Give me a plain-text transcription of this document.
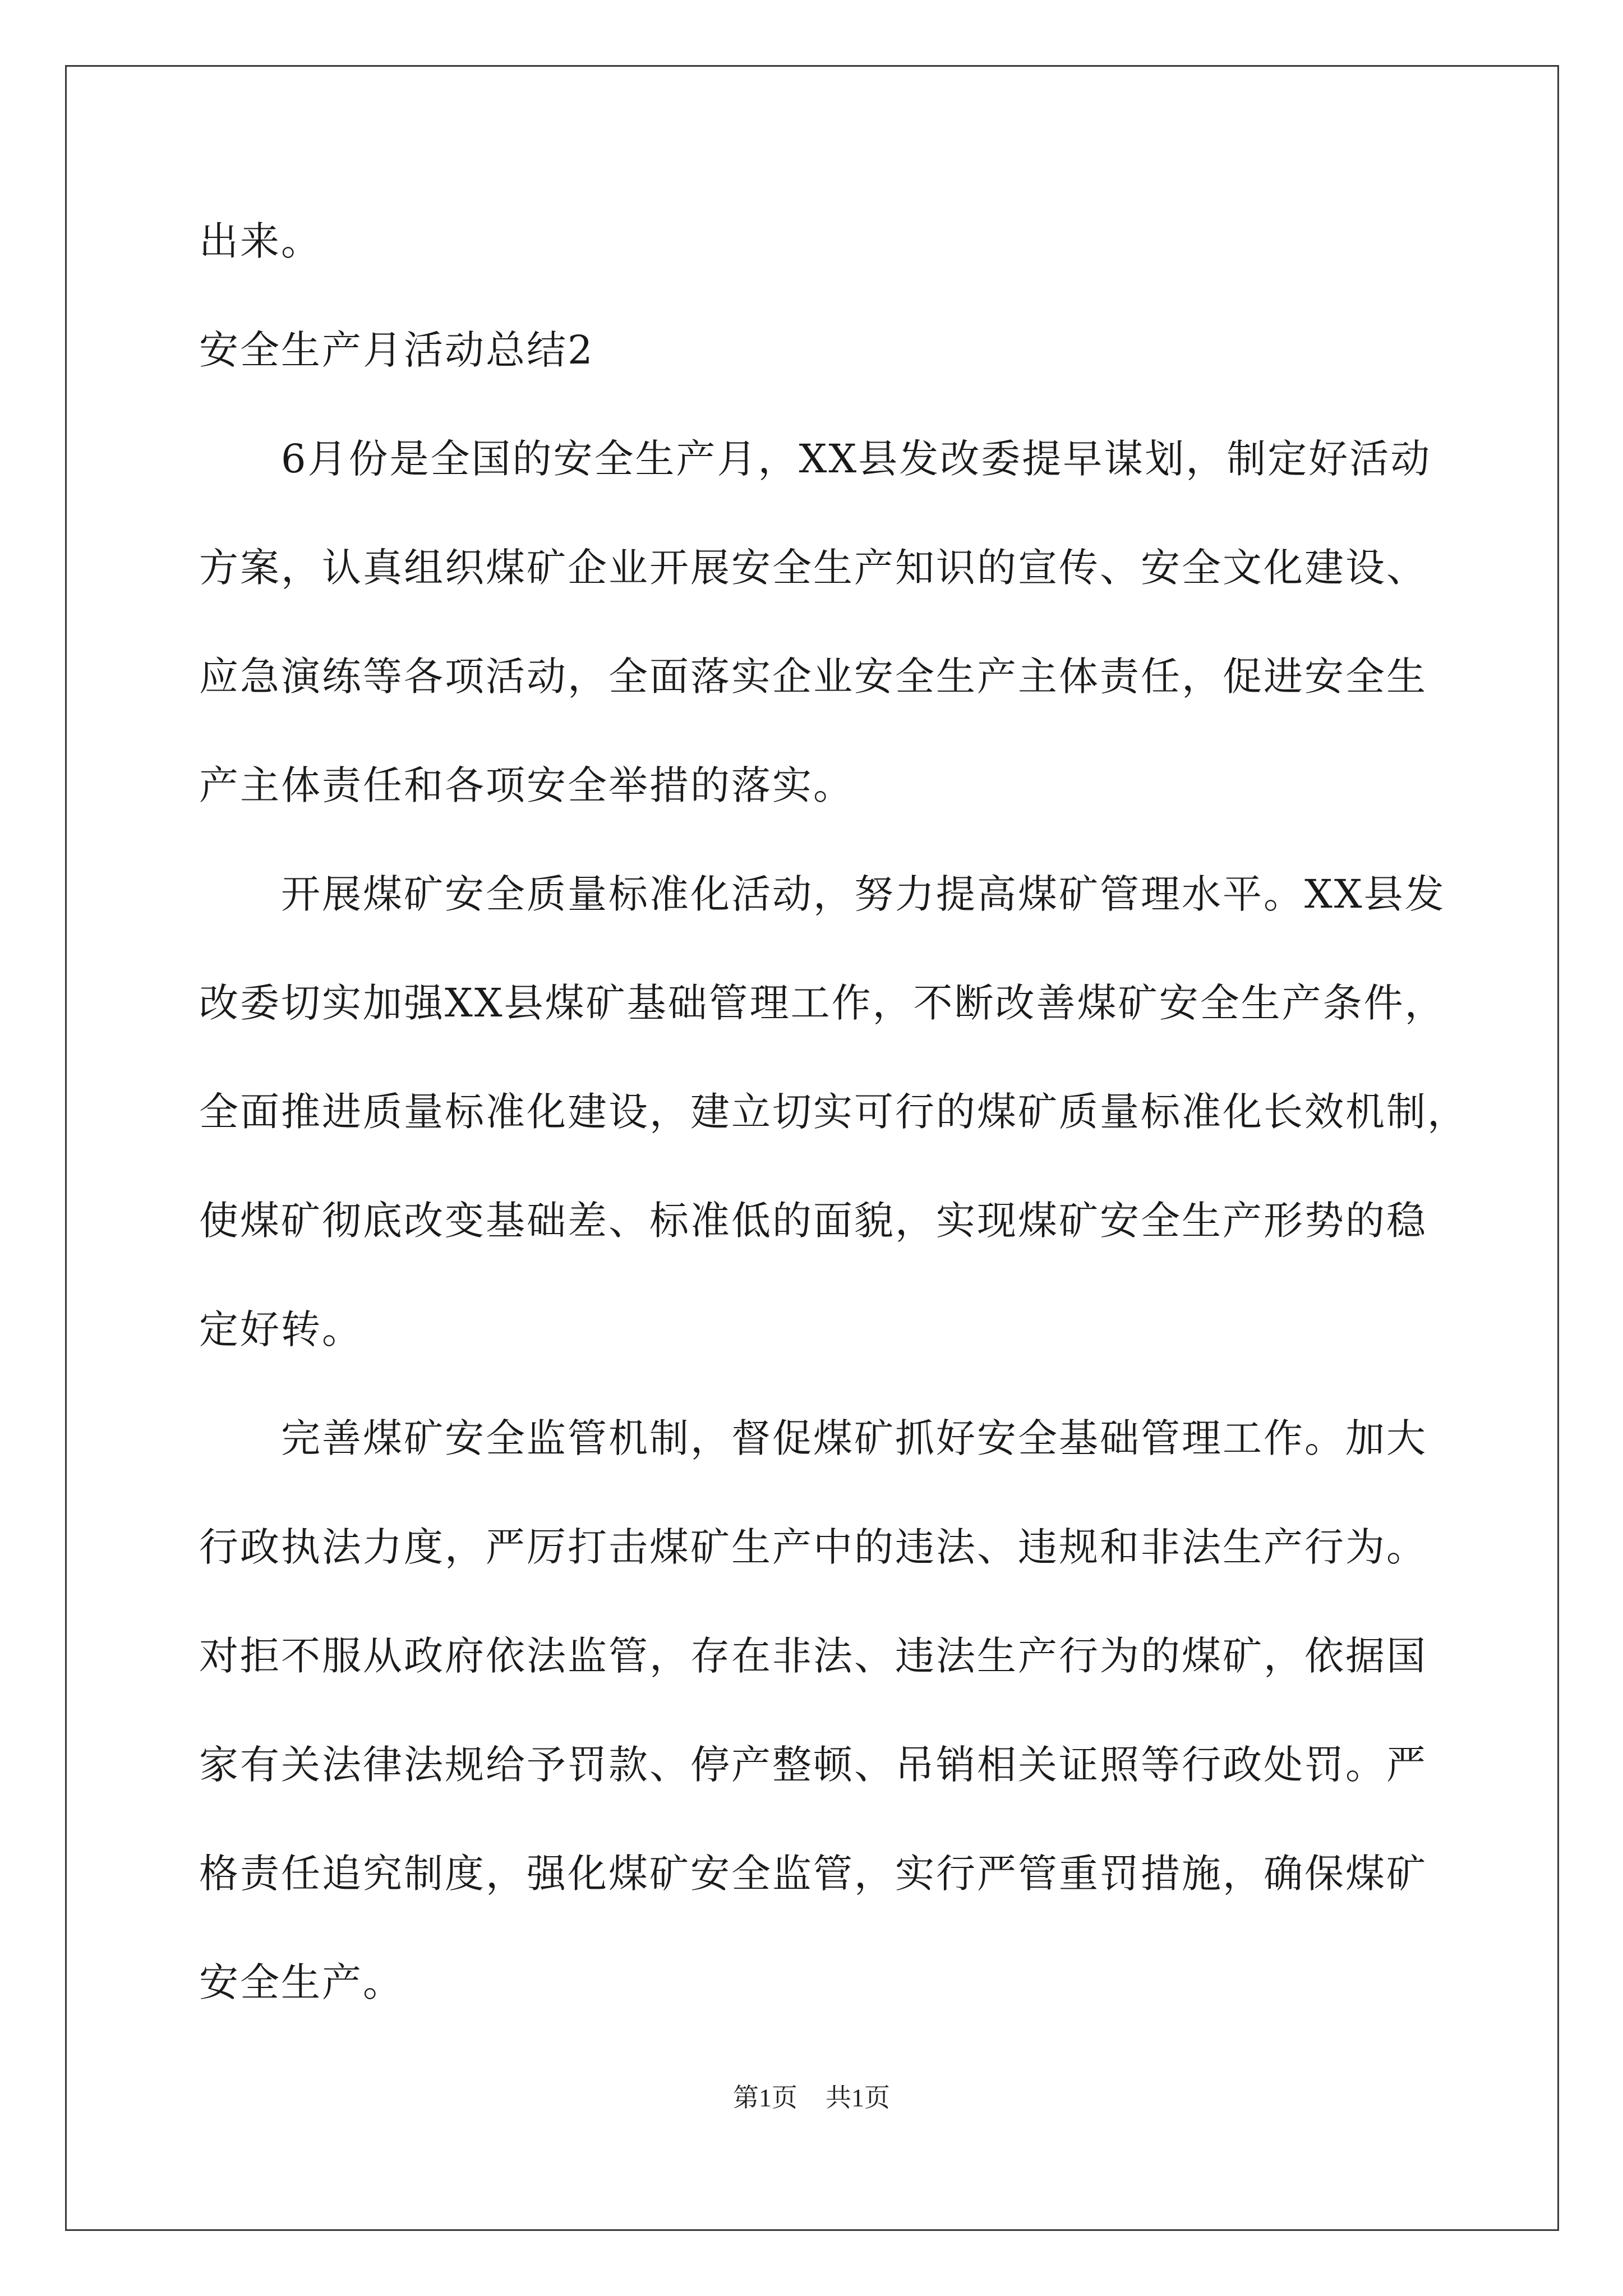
出来。
安全生产月活动总结2
6月份是全国的安全生产月，XX县发改委提早谋划，制定好活动
方案，认真组织煤矿企业开展安全生产知识的宣传、安全文化建设、
应急演练等各项活动，全面落实企业安全生产主体责任，促进安全生
产主体责任和各项安全举措的落实。
开展煤矿安全质量标准化活动，努力提高煤矿管理水平。XX县发
改委切实加强XX县煤矿基础管理工作，不断改善煤矿安全生产条件，
全面推进质量标准化建设，建立切实可行的煤矿质量标准化长效机制，
使煤矿彻底改变基础差、标准低的面貌，实现煤矿安全生产形势的稳
定好转。
完善煤矿安全监管机制，督促煤矿抓好安全基础管理工作。加大
行政执法力度，严厉打击煤矿生产中的违法、违规和非法生产行为。
对拒不服从政府依法监管，存在非法、违法生产行为的煤矿，依据国
家有关法律法规给予罚款、停产整顿、吊销相关证照等行政处罚。严
格责任追究制度，强化煤矿安全监管，实行严管重罚措施，确保煤矿
安全生产。
第1页 共1页
